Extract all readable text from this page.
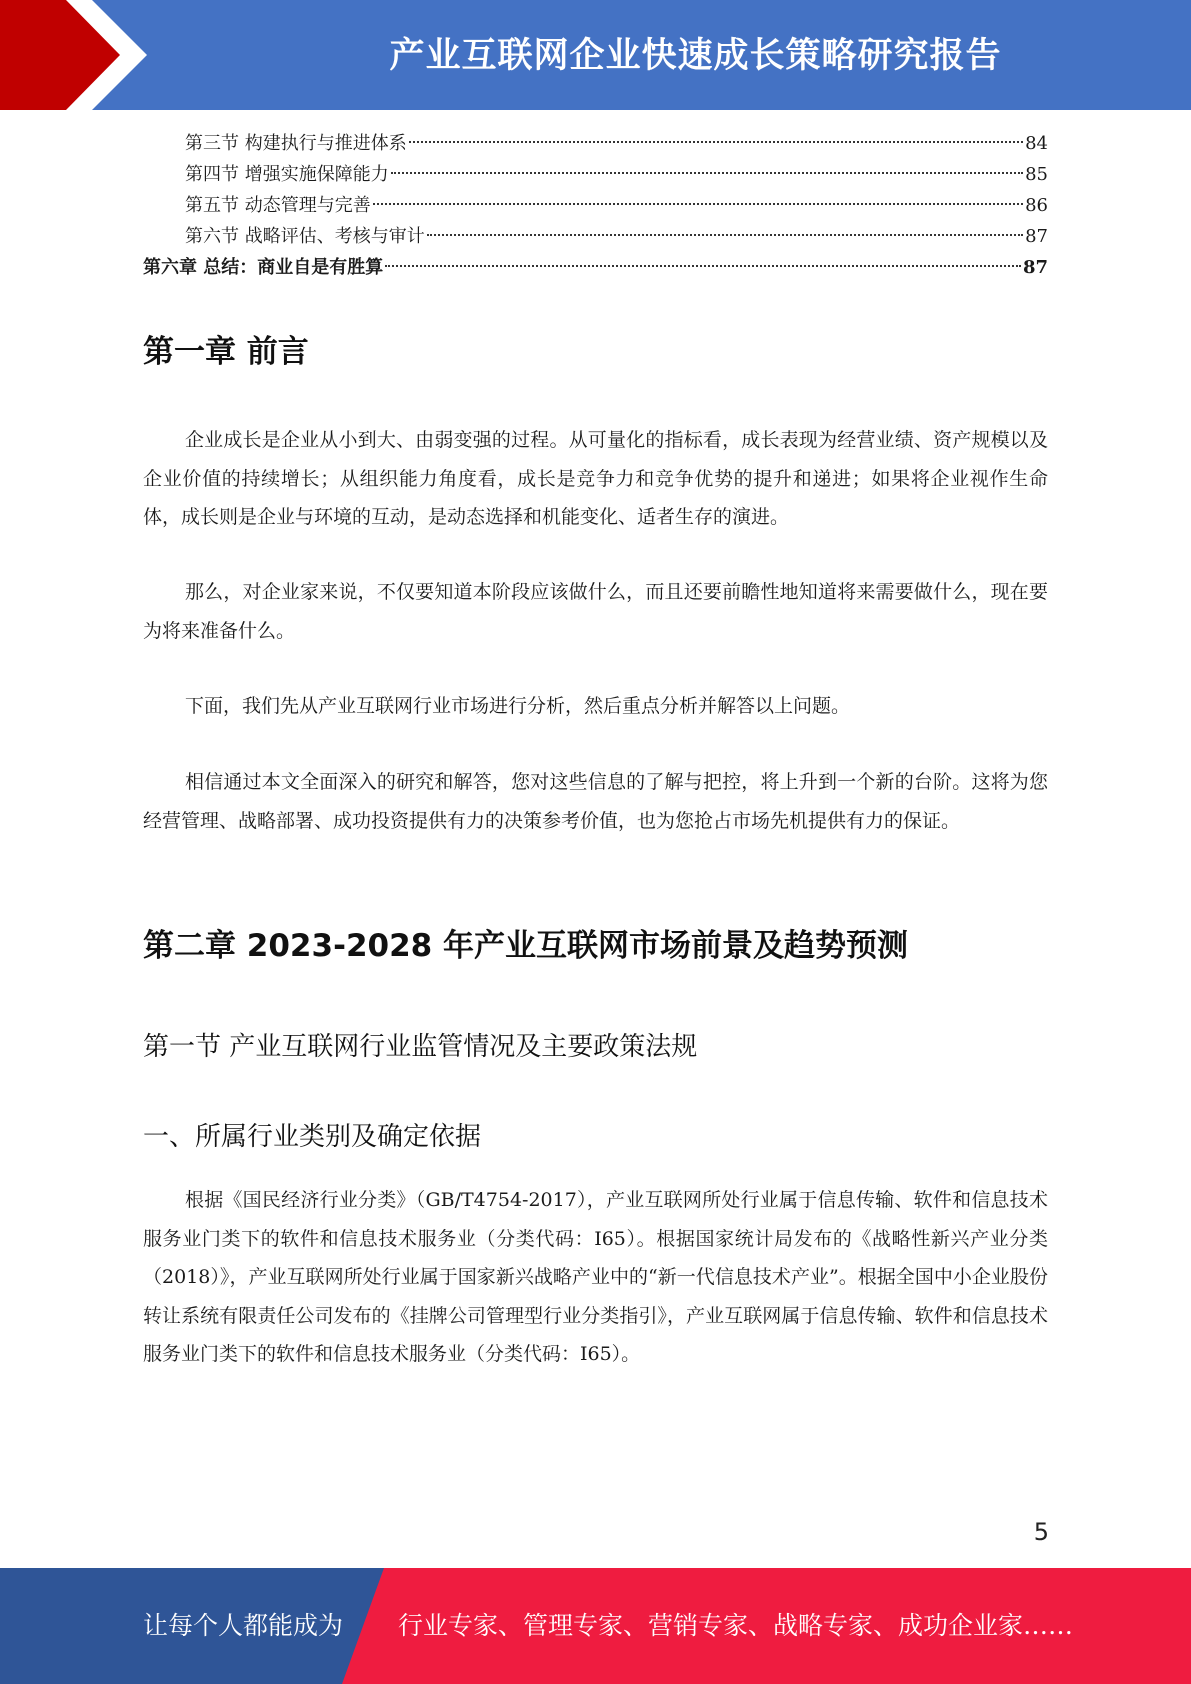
产业互联网企业快速成长策略研究报告
第三节 构建执行与推进体系	84
第四节 增强实施保障能力	85
第五节 动态管理与完善	86
第六节 战略评估、考核与审计	87
第六章 总结：商业自是有胜算	87
第一章 前言
企业成长是企业从小到大、由弱变强的过程。从可量化的指标看，成长表现为经营业绩、资产规模以及企业价值的持续增长；从组织能力角度看，成长是竞争力和竞争优势的提升和递进；如果将企业视作生命体，成长则是企业与环境的互动，是动态选择和机能变化、适者生存的演进。
那么，对企业家来说，不仅要知道本阶段应该做什么，而且还要前瞻性地知道将来需要做什么，现在要为将来准备什么。
下面，我们先从产业互联网行业市场进行分析，然后重点分析并解答以上问题。
相信通过本文全面深入的研究和解答，您对这些信息的了解与把控，将上升到一个新的台阶。这将为您经营管理、战略部署、成功投资提供有力的决策参考价值，也为您抢占市场先机提供有力的保证。
第二章 2023-2028 年产业互联网市场前景及趋势预测
第一节 产业互联网行业监管情况及主要政策法规
一、所属行业类别及确定依据
根据《国民经济行业分类》（GB/T4754-2017），产业互联网所处行业属于信息传输、软件和信息技术服务业门类下的软件和信息技术服务业（分类代码：I65）。根据国家统计局发布的《战略性新兴产业分类（2018）》，产业互联网所处行业属于国家新兴战略产业中的“新一代信息技术产业”。根据全国中小企业股份转让系统有限责任公司发布的《挂牌公司管理型行业分类指引》，产业互联网属于信息传输、软件和信息技术服务业门类下的软件和信息技术服务业（分类代码：I65）。
5
让每个人都能成为 行业专家、管理专家、营销专家、战略专家、成功企业家……
